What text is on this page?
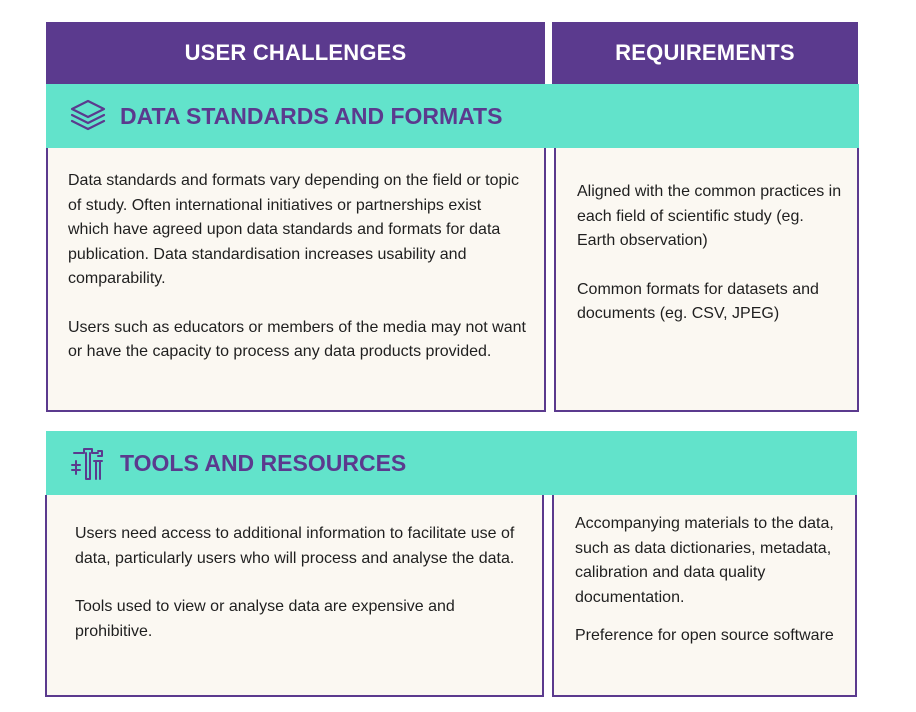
USER CHALLENGES	REQUIREMENTS
DATA STANDARDS AND FORMATS

Data standards and formats vary depending on the field or topic of study. Often international initiatives or partnerships exist which have agreed upon data standards and formats for data publication. Data standardisation increases usability and comparability.

Users such as educators or members of the media may not want or have the capacity to process any data products provided.

Aligned with the common practices in each field of scientific study (eg. Earth observation)

Common formats for datasets and documents (eg. CSV, JPEG)

TOOLS AND RESOURCES

Users need access to additional information to facilitate use of data, particularly users who will process and analyse the data.

Tools used to view or analyse data are expensive and prohibitive.

Accompanying materials to the data, such as data dictionaries, metadata, calibration and data quality documentation.

Preference for open source software
